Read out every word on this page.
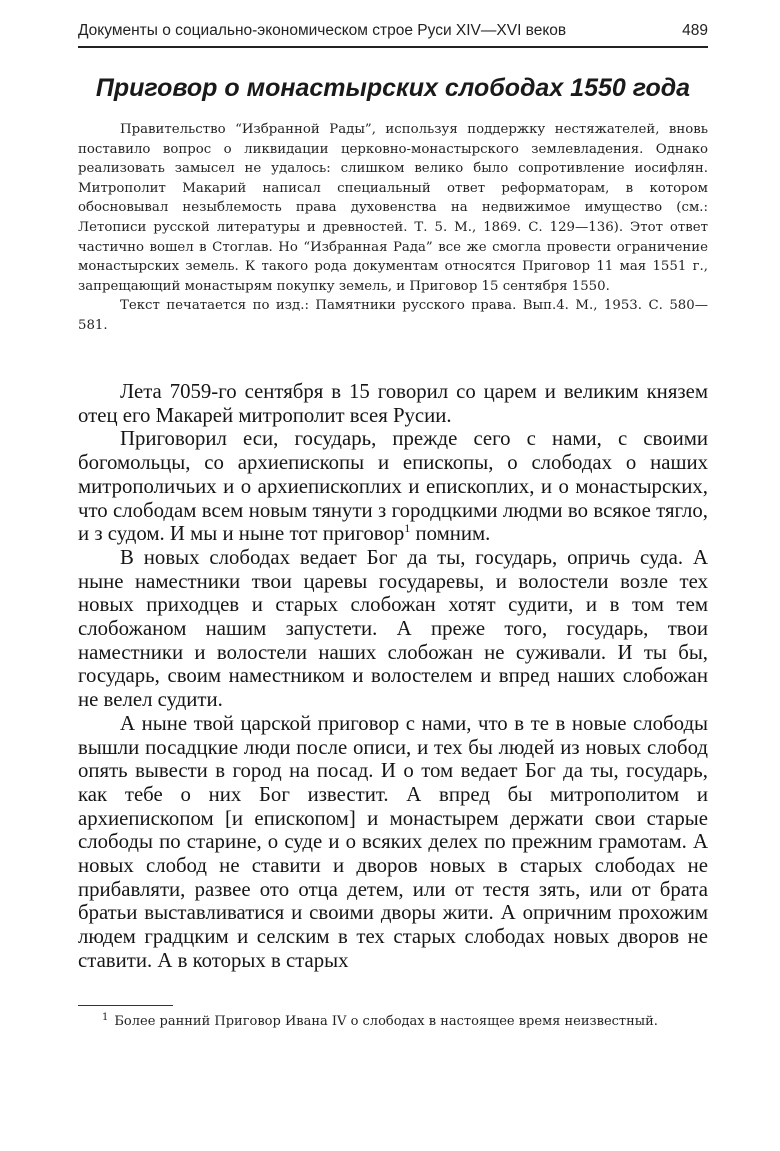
Документы о социально-экономическом строе Руси XIV—XVI веков	489
Приговор о монастырских слободах 1550 года

Правительство “Избранной Рады”, используя поддержку нестяжателей, вновь поставило вопрос о ликвидации церковно-монастырского землевладения. Однако реализовать замысел не удалось: слишком велико было сопротивление иосифлян. Митрополит Макарий написал специальный ответ реформаторам, в котором обосновывал незыблемость права духовенства на недвижимое имущество (см.: Летописи русской литературы и древностей. Т. 5. М., 1869. С. 129—136). Этот ответ частично вошел в Стоглав. Но “Избранная Рада” все же смогла провести ограничение монастырских земель. К такого рода документам относятся Приговор 11 мая 1551 г., запрещающий монастырям покупку земель, и Приговор 15 сентября 1550.

Текст печатается по изд.: Памятники русского права. Вып.4. М., 1953. С. 580—581.

Лета 7059-го сентября в 15 говорил со царем и великим князем отец его Макарей митрополит всея Русии.

Приговорил еси, государь, прежде сего с нами, с своими богомольцы, со архиепископы и епископы, о слободах о наших митрополичьих и о архиепископлих и епископлих, и о монастырских, что слободам всем новым тянути з городцкими людми во всякое тягло, и з судом. И мы и ныне тот приговор$^1$ помним.

В новых слободах ведает Бог да ты, государь, опричь суда. А ныне наместники твои царевы государевы, и волостели возле тех новых приходцев и старых слобожан хотят судити, и в том тем слобожаном нашим запустети. А преже того, государь, твои наместники и волостели наших слобожан не суживали. И ты бы, государь, своим наместником и волостелем и впред наших слобожан не велел судити.

А ныне твой царской приговор с нами, что в те в новые слободы вышли посадцкие люди после описи, и тех бы людей из новых слобод опять вывести в город на посад. И о том ведает Бог да ты, государь, как тебе о них Бог известит. А впред бы митрополитом и архиепископом [и епископом] и монастырем держати свои старые слободы по старине, о суде и о всяких делех по прежним грамотам. А новых слобод не ставити и дворов новых в старых слободах не прибавляти, развее ото отца детем, или от тестя зять, или от брата братьи выставливатися и своими дворы жити. А опричним прохожим людем градцким и селским в тех старых слободах новых дворов не ставити. А в которых в старых

$^1$ Более ранний Приговор Ивана IV о слободах в настоящее время неизвестный.
